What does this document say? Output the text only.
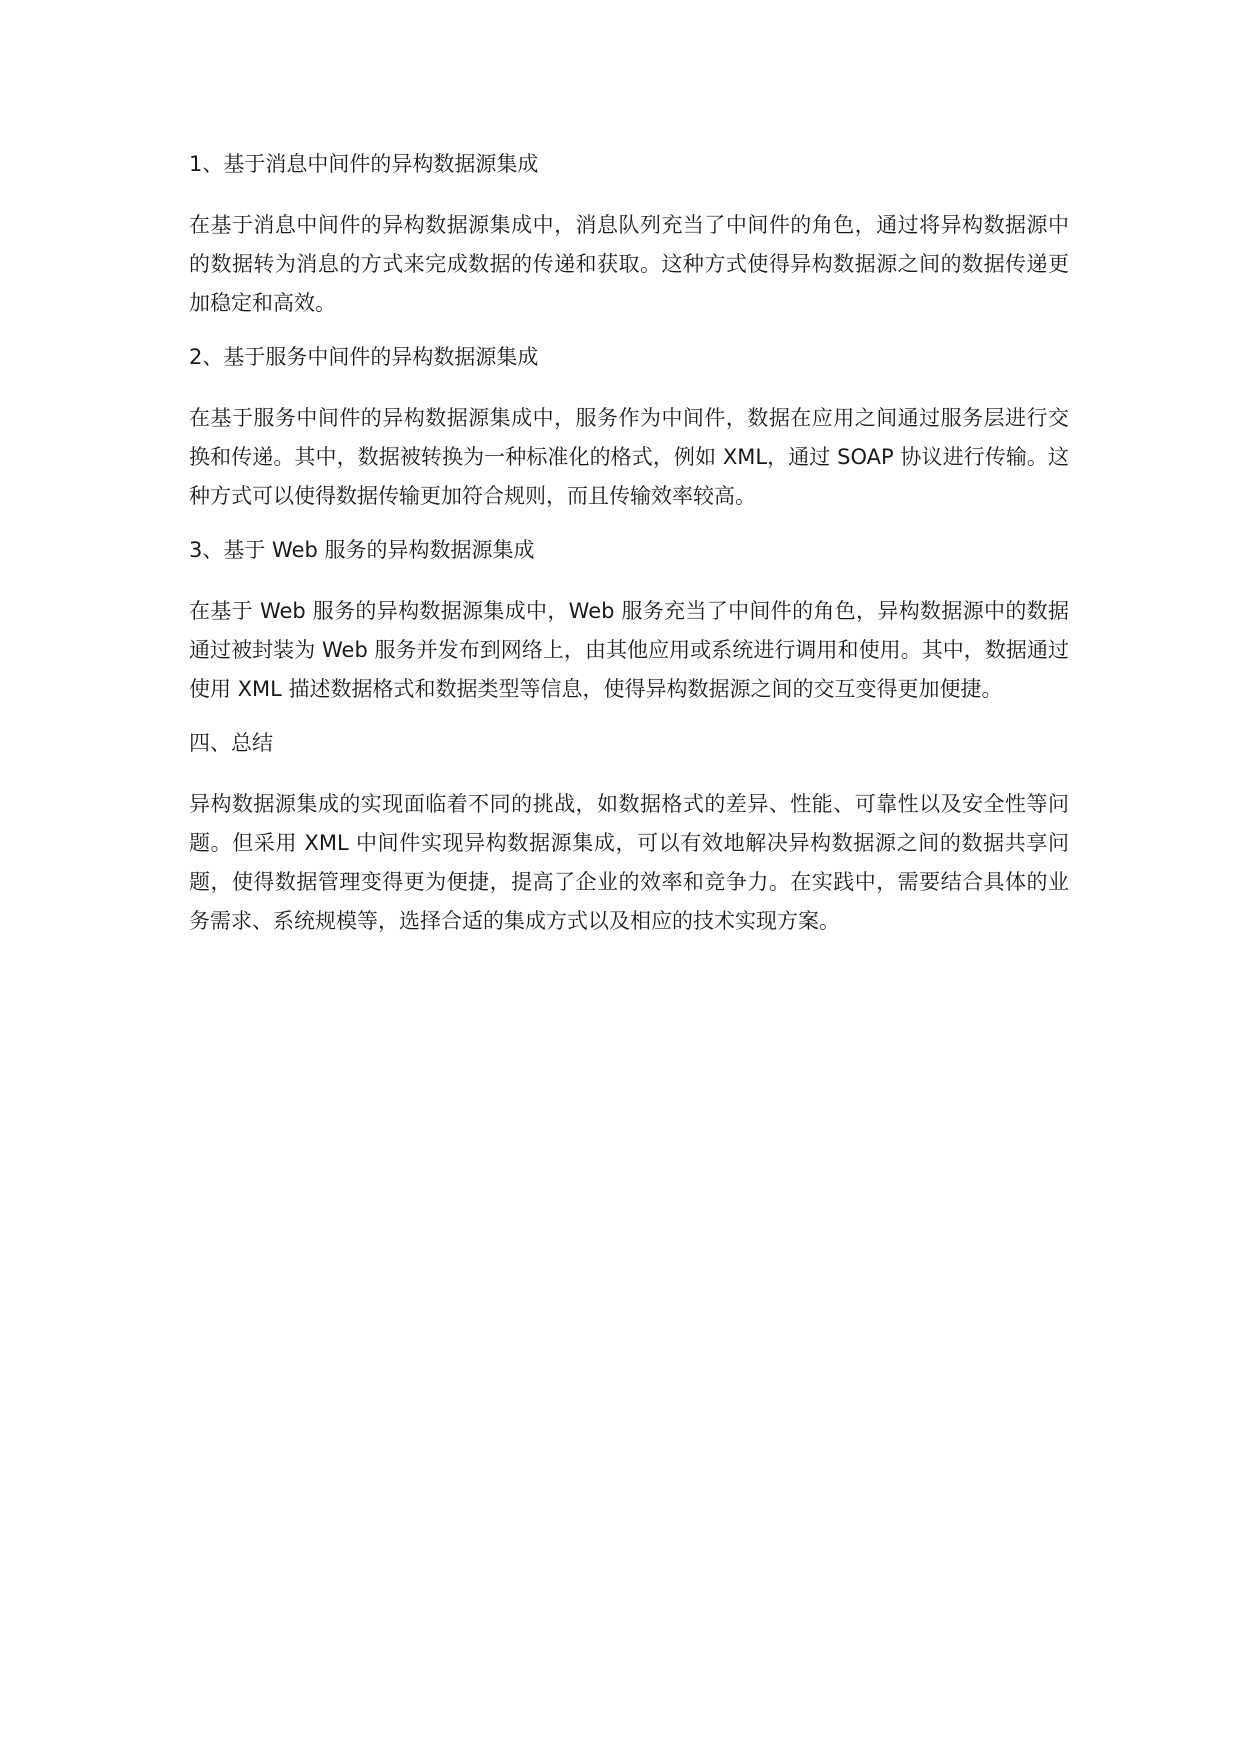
1、基于消息中间件的异构数据源集成

在基于消息中间件的异构数据源集成中，消息队列充当了中间件的角色，通过将异构数据源中的数据转为消息的方式来完成数据的传递和获取。这种方式使得异构数据源之间的数据传递更加稳定和高效。

2、基于服务中间件的异构数据源集成

在基于服务中间件的异构数据源集成中，服务作为中间件，数据在应用之间通过服务层进行交换和传递。其中，数据被转换为一种标准化的格式，例如 XML，通过 SOAP 协议进行传输。这种方式可以使得数据传输更加符合规则，而且传输效率较高。

3、基于 Web 服务的异构数据源集成

在基于 Web 服务的异构数据源集成中，Web 服务充当了中间件的角色，异构数据源中的数据通过被封装为 Web 服务并发布到网络上，由其他应用或系统进行调用和使用。其中，数据通过使用 XML 描述数据格式和数据类型等信息，使得异构数据源之间的交互变得更加便捷。

四、总结

异构数据源集成的实现面临着不同的挑战，如数据格式的差异、性能、可靠性以及安全性等问题。但采用 XML 中间件实现异构数据源集成，可以有效地解决异构数据源之间的数据共享问题，使得数据管理变得更为便捷，提高了企业的效率和竞争力。在实践中，需要结合具体的业务需求、系统规模等，选择合适的集成方式以及相应的技术实现方案。
